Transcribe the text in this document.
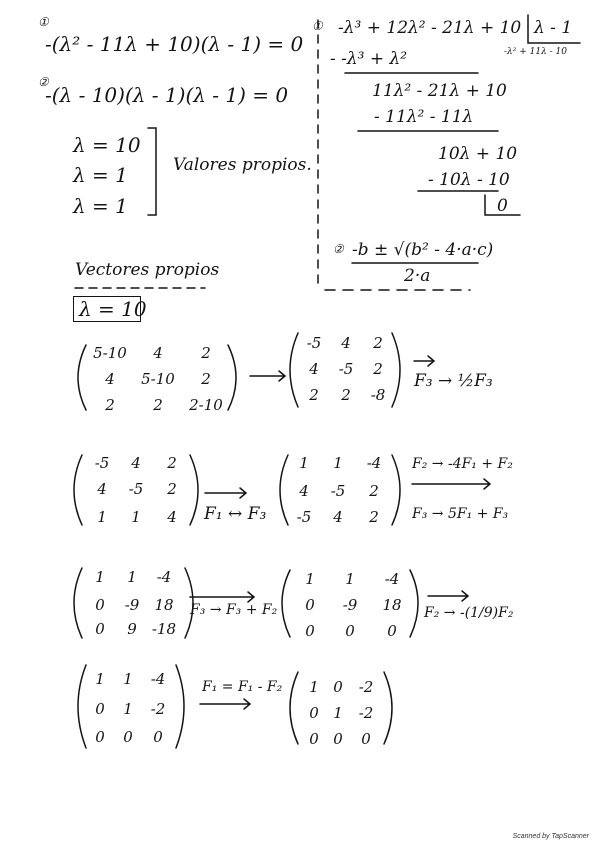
①
-(λ² - 11λ + 10)(λ - 1) = 0
②
-(λ - 10)(λ - 1)(λ - 1) = 0
λ = 10
λ = 1
λ = 1
Valores propios.
① -λ³ + 12λ² - 21λ + 10 λ - 1
-λ² + 11λ - 10
- -λ³ + λ²
11λ² - 21λ + 10
- 11λ² - 11λ
10λ + 10
- 10λ - 10
0
② -b ± √(b² - 4·a·c)
2·a
Vectores propios
λ = 10
5-10	4	2
4	5-10	2
2	2	2-10
-5	4	2
4	-5	2
2	2	-8
F₃ → ½F₃
-5	4	2
4	-5	2
1	1	4	F₁ ↔ F₃
1	1	-4
4	-5	2
-5	4	2
F₂ → -4F₁ + F₂
F₃ → 5F₁ + F₃
1	1	-4
0	-9	18
0	9	-18
F₃ → F₃ + F₂
1	1	-4
0	-9	18
0	0	0
F₂ → -(1/9)F₂
1	1	-4
0	1	-2
0	0	0
F₁ = F₁ - F₂	1 0	-2
0 1	-2
0 0	0
Scanned by TapScanner
